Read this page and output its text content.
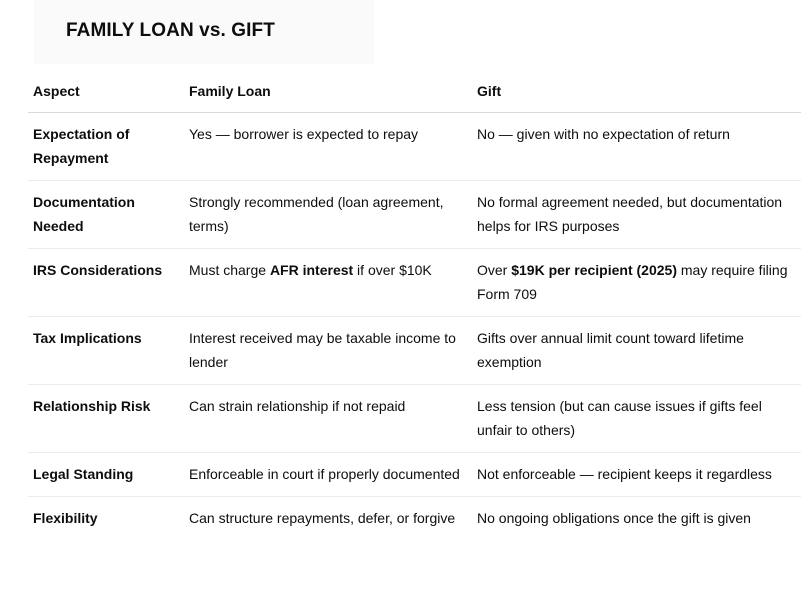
FAMILY LOAN vs. GIFT
Aspect	Family Loan	Gift
Expectation of Repayment	Yes — borrower is expected to repay	No — given with no expectation of return
Documentation Needed	Strongly recommended (loan agreement, terms)	No formal agreement needed, but documentation helps for IRS purposes
IRS Considerations	Must charge AFR interest if over $10K	Over $19K per recipient (2025) may require filing Form 709
Tax Implications	Interest received may be taxable income to lender	Gifts over annual limit count toward lifetime exemption
Relationship Risk	Can strain relationship if not repaid	Less tension (but can cause issues if gifts feel unfair to others)
Legal Standing	Enforceable in court if properly documented	Not enforceable — recipient keeps it regardless
Flexibility	Can structure repayments, defer, or forgive	No ongoing obligations once the gift is given
